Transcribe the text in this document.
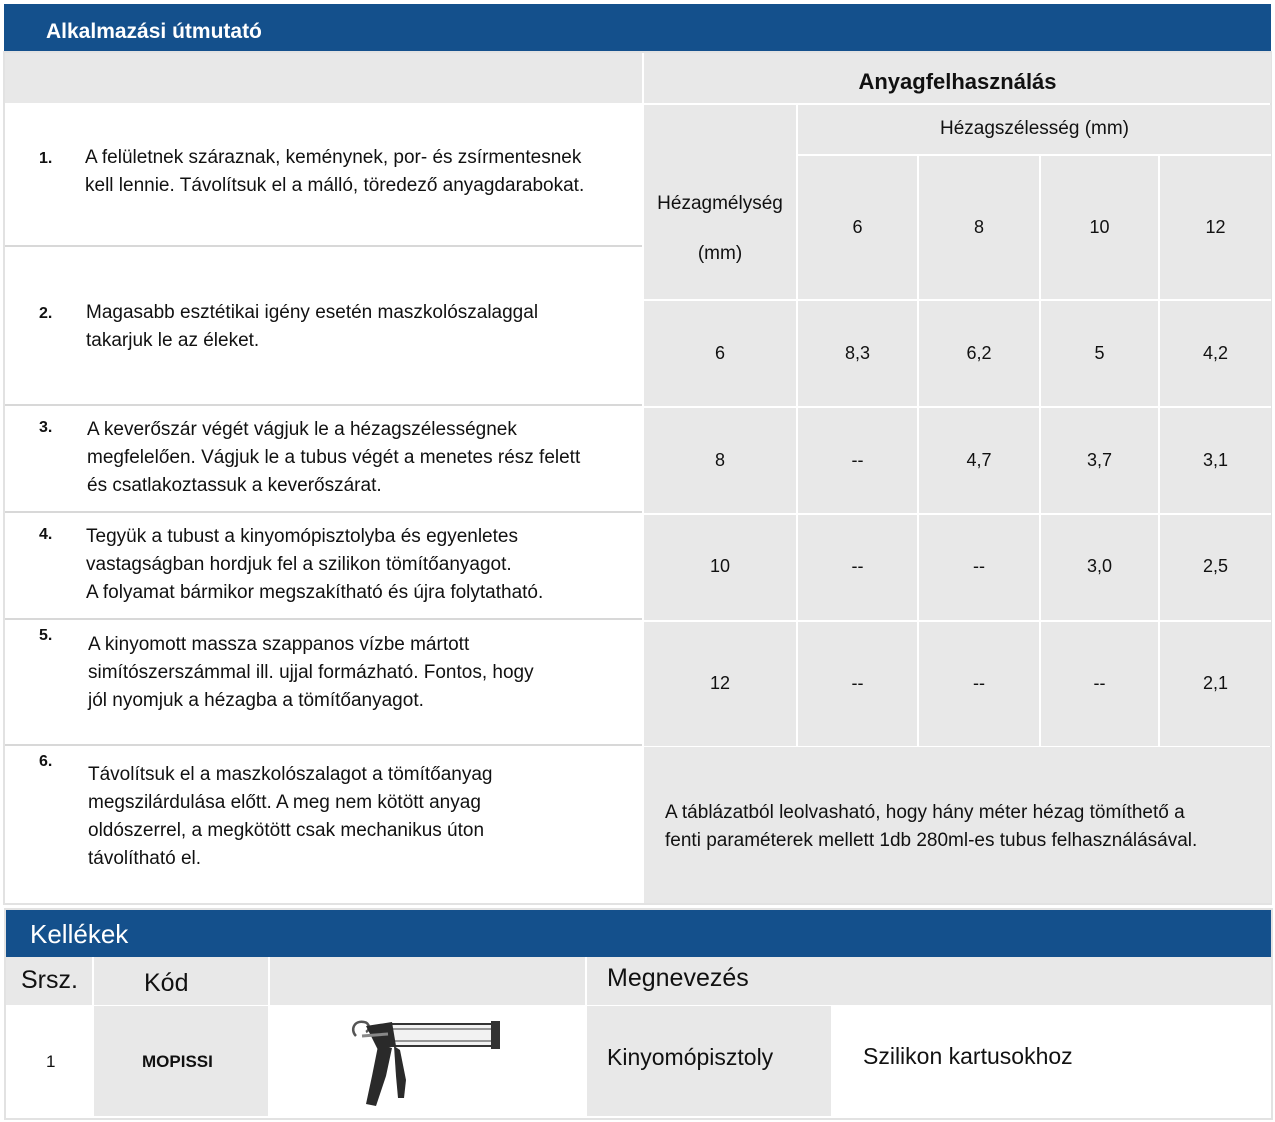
Alkalmazási útmutató
1. A felületnek száraznak, keménynek, por- és zsírmentesnek
kell lennie. Távolítsuk el a málló, töredező anyagdarabokat.
2. Magasabb esztétikai igény esetén maszkolószalaggal
takarjuk le az éleket.
3. A keverőszár végét vágjuk le a hézagszélességnek
megfelelően. Vágjuk le a tubus végét a menetes rész felett
és csatlakoztassuk a keverőszárat.
4. Tegyük a tubust a kinyomópisztolyba és egyenletes
vastagságban hordjuk fel a szilikon tömítőanyagot.
A folyamat bármikor megszakítható és újra folytatható.
5. A kinyomott massza szappanos vízbe mártott
simítószerszámmal ill. ujjal formázható. Fontos, hogy
jól nyomjuk a hézagba a tömítőanyagot.
6.
Távolítsuk el a maszkolószalagot a tömítőanyag
megszilárdulása előtt. A meg nem kötött anyag
oldószerrel, a megkötött csak mechanikus úton
távolítható el.
Anyagfelhasználás
Hézagszélesség (mm)
Hézagmélység
(mm)
6	8	10	12
6	8,3	6,2	5	4,2
8	--	4,7	3,7	3,1
10	--	--	3,0	2,5
12	--	--	--	2,1
A táblázatból leolvasható, hogy hány méter hézag tömíthető a
fenti paraméterek mellett 1db 280ml-es tubus felhasználásával.
Kellékek
Srsz.	Kód	Megnevezés
1	MOPISSI	Kinyomópisztoly	Szilikon kartusokhoz
